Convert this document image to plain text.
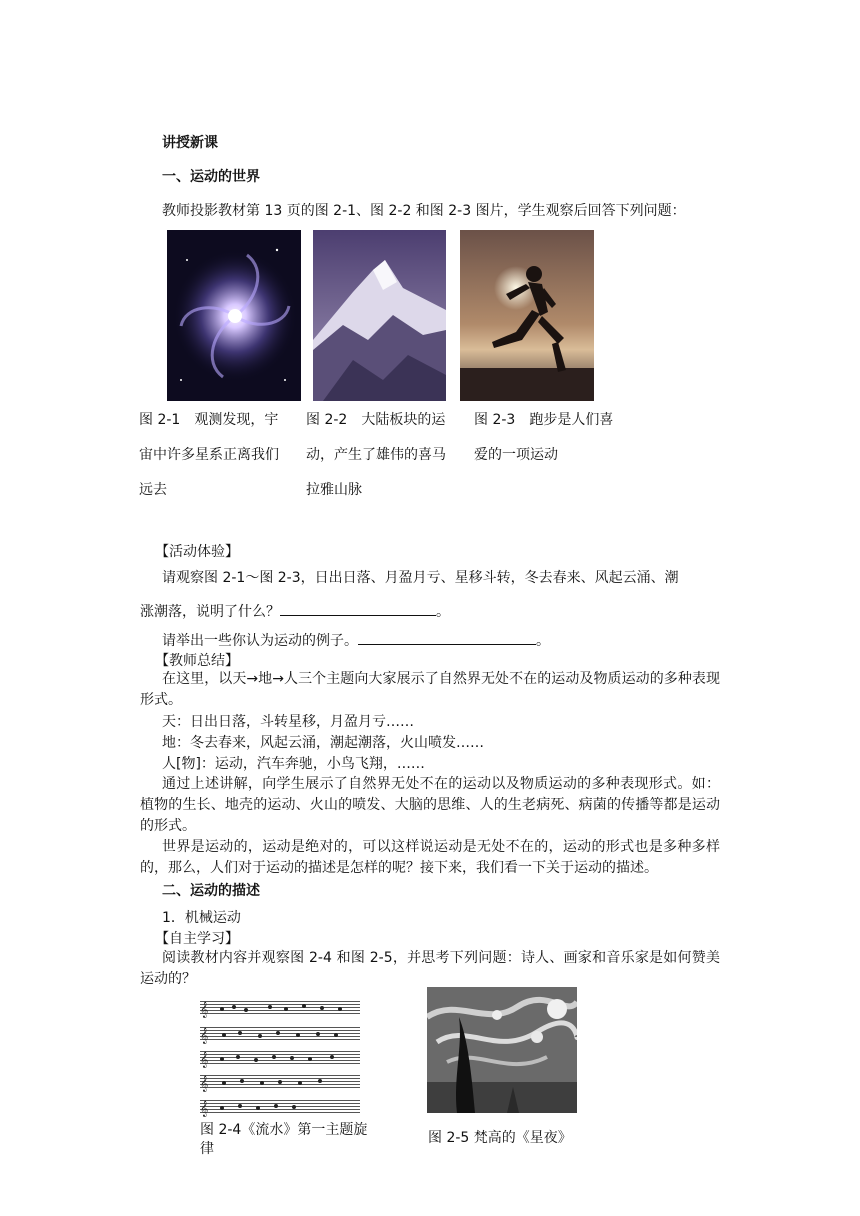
讲授新课
一、运动的世界
教师投影教材第 13 页的图 2-1、图 2-2 和图 2-3 图片，学生观察后回答下列问题：
图 2-1　观测发现，宇
宙中许多星系正离我们
远去
图 2-2　大陆板块的运
动，产生了雄伟的喜马
拉雅山脉
图 2-3　跑步是人们喜
爱的一项运动
【活动体验】
请观察图 2-1～图 2-3，日出日落、月盈月亏、星移斗转，冬去春来、风起云涌、潮
涨潮落，说明了什么？	。
请举出一些你认为运动的例子。	。
【教师总结】
在这里，以天→地→人三个主题向大家展示了自然界无处不在的运动及物质运动的多种表现形式。
天：日出日落，斗转星移，月盈月亏……
地：冬去春来，风起云涌，潮起潮落，火山喷发……
人[物]：运动，汽车奔驰，小鸟飞翔，……
通过上述讲解，向学生展示了自然界无处不在的运动以及物质运动的多种表现形式。如：植物的生长、地壳的运动、火山的喷发、大脑的思维、人的生老病死、病菌的传播等都是运动的形式。
世界是运动的，运动是绝对的，可以这样说运动是无处不在的，运动的形式也是多种多样的，那么，人们对于运动的描述是怎样的呢？接下来，我们看一下关于运动的描述。
二、运动的描述
1．机械运动
【自主学习】
阅读教材内容并观察图 2-4 和图 2-5，并思考下列问题：诗人、画家和音乐家是如何赞美运动的？
𝄞
𝄞
𝄞
𝄞
𝄞
图 2-4《流水》第一主题旋律
图 2-5 梵高的《星夜》
